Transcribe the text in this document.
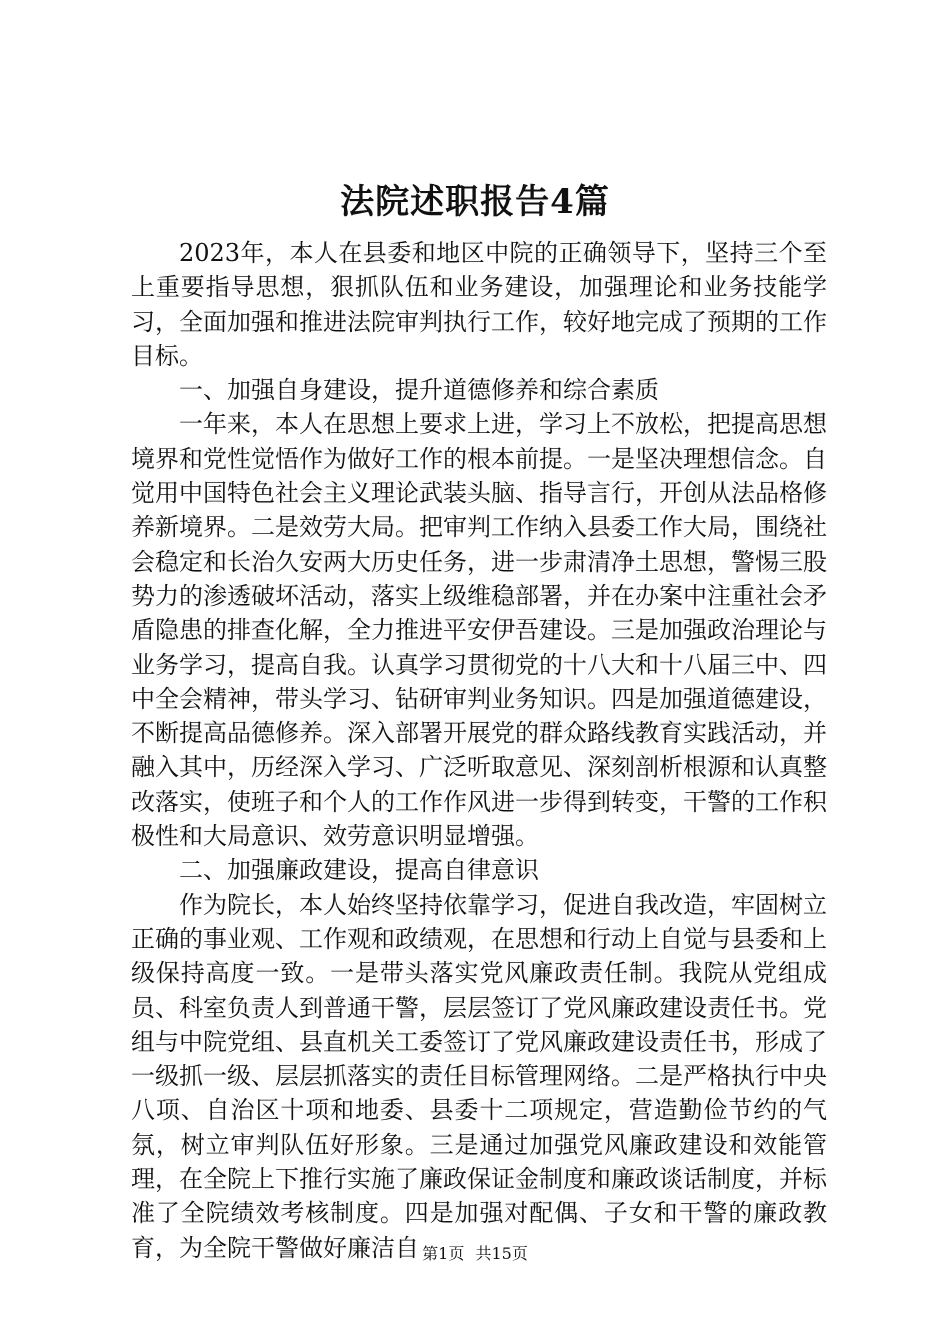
法院述职报告4篇

2023年，本人在县委和地区中院的正确领导下，坚持三个至上重要指导思想，狠抓队伍和业务建设，加强理论和业务技能学习，全面加强和推进法院审判执行工作，较好地完成了预期的工作目标。

一、加强自身建设，提升道德修养和综合素质

一年来，本人在思想上要求上进，学习上不放松，把提高思想境界和党性觉悟作为做好工作的根本前提。一是坚决理想信念。自觉用中国特色社会主义理论武装头脑、指导言行，开创从法品格修养新境界。二是效劳大局。把审判工作纳入县委工作大局，围绕社会稳定和长治久安两大历史任务，进一步肃清净土思想，警惕三股势力的渗透破坏活动，落实上级维稳部署，并在办案中注重社会矛盾隐患的排查化解，全力推进平安伊吾建设。三是加强政治理论与业务学习，提高自我。认真学习贯彻党的十八大和十八届三中、四中全会精神，带头学习、钻研审判业务知识。四是加强道德建设，不断提高品德修养。深入部署开展党的群众路线教育实践活动，并融入其中，历经深入学习、广泛听取意见、深刻剖析根源和认真整改落实，使班子和个人的工作作风进一步得到转变，干警的工作积极性和大局意识、效劳意识明显增强。

二、加强廉政建设，提高自律意识

作为院长，本人始终坚持依靠学习，促进自我改造，牢固树立正确的事业观、工作观和政绩观，在思想和行动上自觉与县委和上级保持高度一致。一是带头落实党风廉政责任制。我院从党组成员、科室负责人到普通干警，层层签订了党风廉政建设责任书。党组与中院党组、县直机关工委签订了党风廉政建设责任书，形成了一级抓一级、层层抓落实的责任目标管理网络。二是严格执行中央八项、自治区十项和地委、县委十二项规定，营造勤俭节约的气氛，树立审判队伍好形象。三是通过加强党风廉政建设和效能管理，在全院上下推行实施了廉政保证金制度和廉政谈话制度，并标准了全院绩效考核制度。四是加强对配偶、子女和干警的廉政教育，为全院干警做好廉洁自 第1页 共15页
